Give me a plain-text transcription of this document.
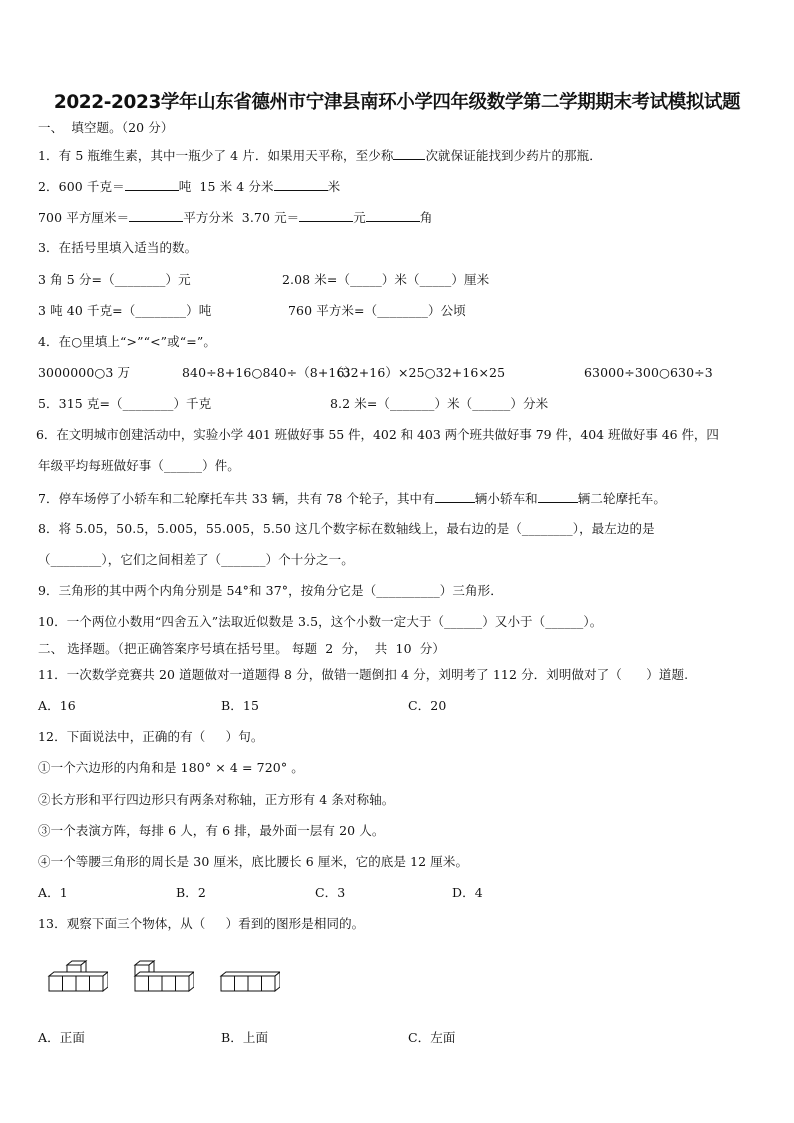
2022-2023学年山东省德州市宁津县南环小学四年级数学第二学期期末考试模拟试题
一、  填空题。（20 分）
1．有 5 瓶维生素，其中一瓶少了 4 片．如果用天平称，至少称	次就保证能找到少药片的那瓶．
2．600 千克＝	吨  15 米 4 分米	米
700 平方厘米＝	平方分米  3.70 元＝	元	角
3．在括号里填入适当的数。
3 角 5 分=（________）元	2.08 米=（_____）米（_____）厘米
3 吨 40 千克=（________）吨	760 平方米=（________）公顷
4．在○里填上“>”“<”或“=”。
3000000○3 万	840÷8+16○840÷（8+16）
（32+16）×25○32+16×25	63000÷300○630÷3
5．315 克=（________）千克	8.2 米=（_______）米（______）分米
6．在文明城市创建活动中，实验小学 401 班做好事 55 件，402 和 403 两个班共做好事 79 件，404 班做好事 46 件，四
年级平均每班做好事（______）件。
7．停车场停了小轿车和二轮摩托车共 33 辆，共有 78 个轮子，其中有	辆小轿车和	辆二轮摩托车。
8．将 5.05，50.5，5.005，55.005，5.50 这几个数字标在数轴线上，最右边的是（________），最左边的是
（________），它们之间相差了（_______）个十分之一。
9．三角形的其中两个内角分别是 54°和 37°，按角分它是（__________）三角形．
10．一个两位小数用“四舍五入”法取近似数是 3.5，这个小数一定大于（______）又小于（______）。
二、 选择题。（把正确答案序号填在括号里。 每题  2  分，  共  10  分）
11．一次数学竞赛共 20 道题做对一道题得 8 分，做错一题倒扣 4 分，刘明考了 112 分．刘明做对了（      ）道题.
A．16	B．15	C．20
12．下面说法中，正确的有（     ）句。
①一个六边形的内角和是 180° × 4 = 720° 。
②长方形和平行四边形只有两条对称轴，正方形有 4 条对称轴。
③一个表演方阵，每排 6 人，有 6 排，最外面一层有 20 人。
④一个等腰三角形的周长是 30 厘米，底比腰长 6 厘米，它的底是 12 厘米。
A．1	B．2	C．3	D．4
13．观察下面三个物体，从（     ）看到的图形是相同的。
A．正面	B．上面	C．左面
